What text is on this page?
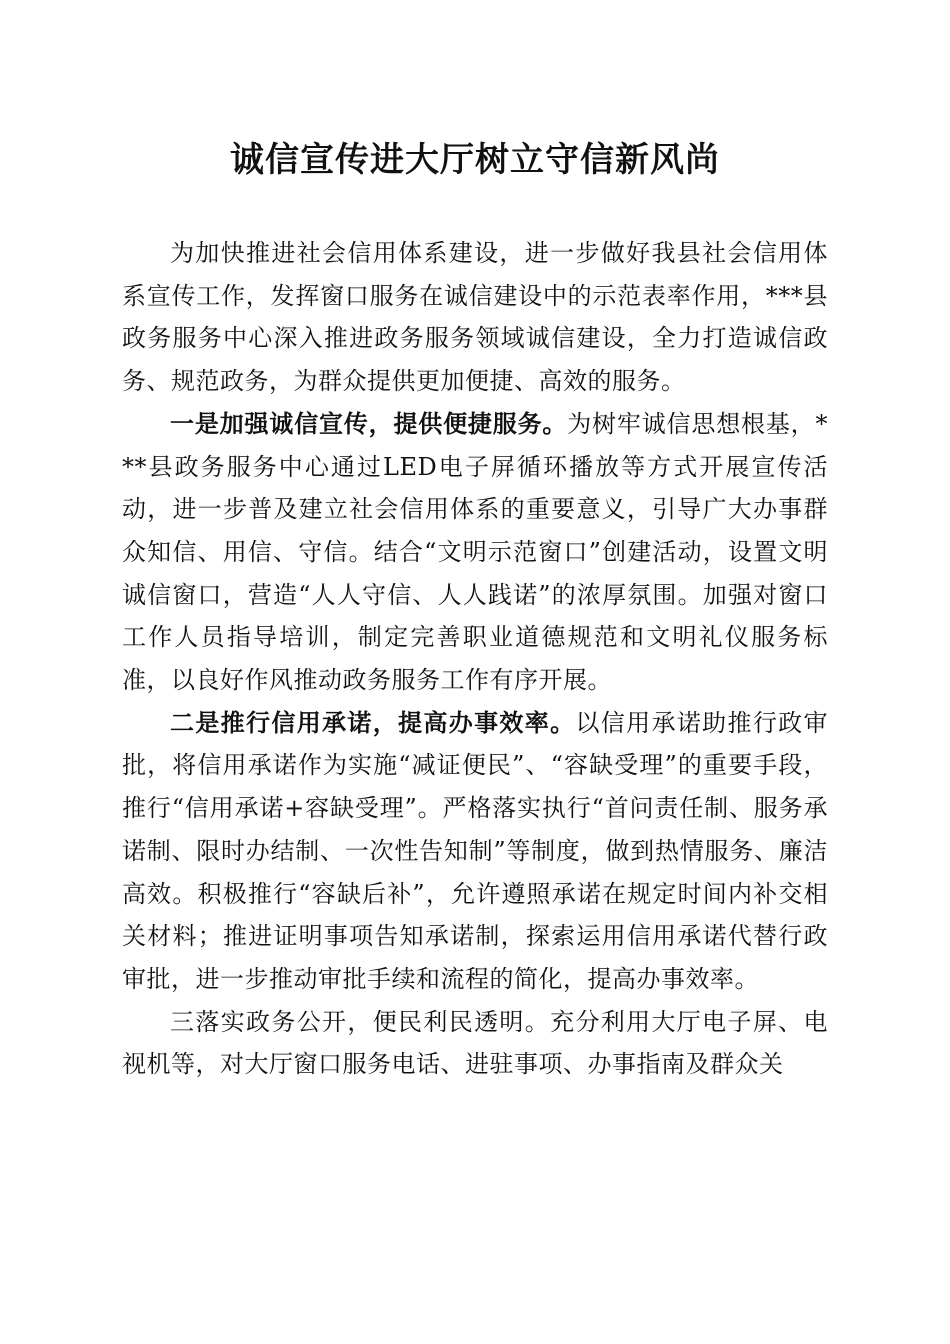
诚信宣传进大厅树立守信新风尚

为加快推进社会信用体系建设，进一步做好我县社会信用体系宣传工作，发挥窗口服务在诚信建设中的示范表率作用，***县政务服务中心深入推进政务服务领域诚信建设，全力打造诚信政务、规范政务，为群众提供更加便捷、高效的服务。

一是加强诚信宣传，提供便捷服务。为树牢诚信思想根基，***县政务服务中心通过LED电子屏循环播放等方式开展宣传活动，进一步普及建立社会信用体系的重要意义，引导广大办事群众知信、用信、守信。结合“文明示范窗口”创建活动，设置文明诚信窗口，营造“人人守信、人人践诺”的浓厚氛围。加强对窗口工作人员指导培训，制定完善职业道德规范和文明礼仪服务标准，以良好作风推动政务服务工作有序开展。

二是推行信用承诺，提高办事效率。以信用承诺助推行政审批，将信用承诺作为实施“减证便民”、“容缺受理”的重要手段，推行“信用承诺+容缺受理”。严格落实执行“首问责任制、服务承诺制、限时办结制、一次性告知制”等制度，做到热情服务、廉洁高效。积极推行“容缺后补”，允许遵照承诺在规定时间内补交相关材料；推进证明事项告知承诺制，探索运用信用承诺代替行政审批，进一步推动审批手续和流程的简化，提高办事效率。

三落实政务公开，便民利民透明。充分利用大厅电子屏、电视机等，对大厅窗口服务电话、进驻事项、办事指南及群众关
